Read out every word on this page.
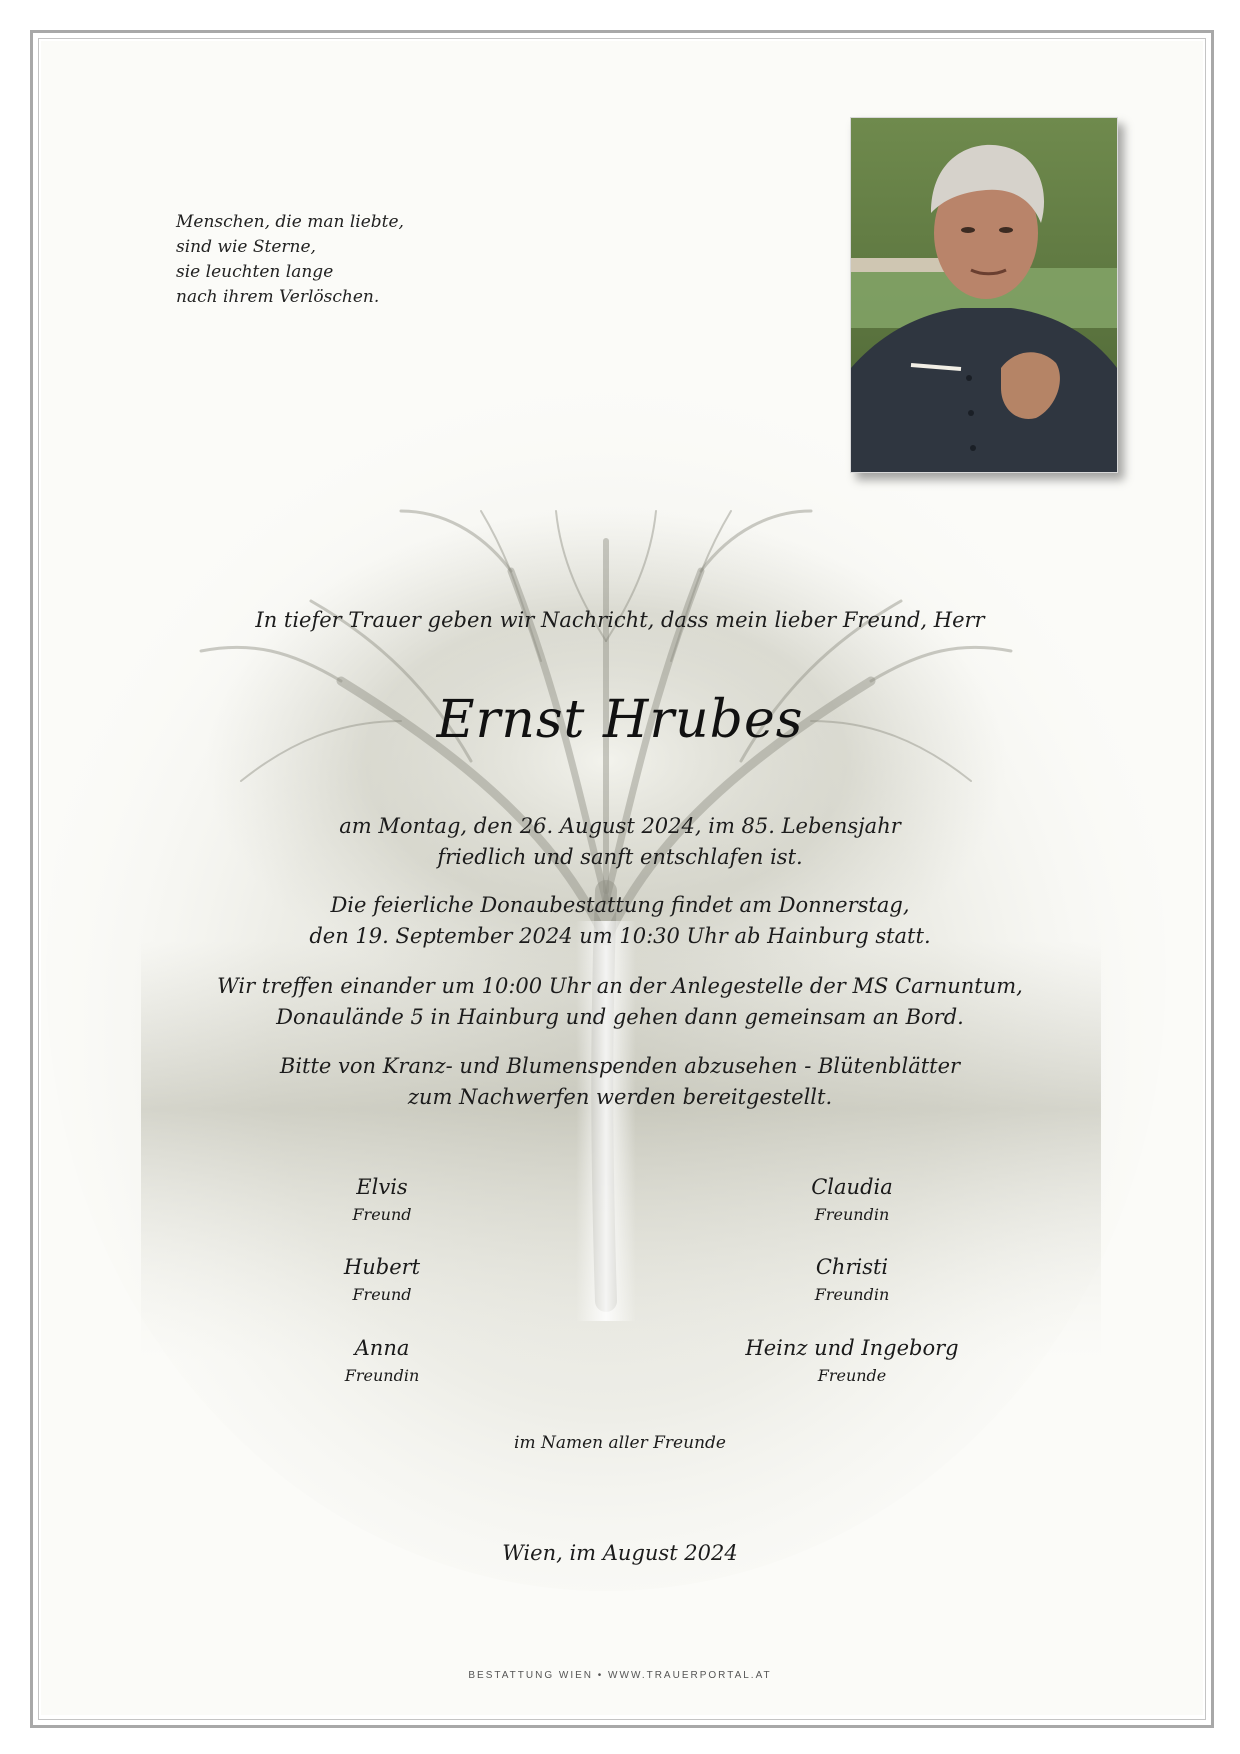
Menschen, die man liebte,
sind wie Sterne,
sie leuchten lange
nach ihrem Verlöschen.
In tiefer Trauer geben wir Nachricht, dass mein lieber Freund, Herr
Ernst Hrubes
am Montag, den 26. August 2024, im 85. Lebensjahr
friedlich und sanft entschlafen ist.
Die feierliche Donaubestattung findet am Donnerstag,
den 19. September 2024 um 10:30 Uhr ab Hainburg statt.
Wir treffen einander um 10:00 Uhr an der Anlegestelle der MS Carnuntum,
Donaulände 5 in Hainburg und gehen dann gemeinsam an Bord.
Bitte von Kranz- und Blumenspenden abzusehen - Blütenblätter
zum Nachwerfen werden bereitgestellt.
Elvis
Freund
Claudia
Freundin
Hubert
Freund
Christi
Freundin
Anna
Freundin
Heinz und Ingeborg
Freunde
im Namen aller Freunde
Wien, im August 2024
BESTATTUNG WIEN • WWW.TRAUERPORTAL.AT
